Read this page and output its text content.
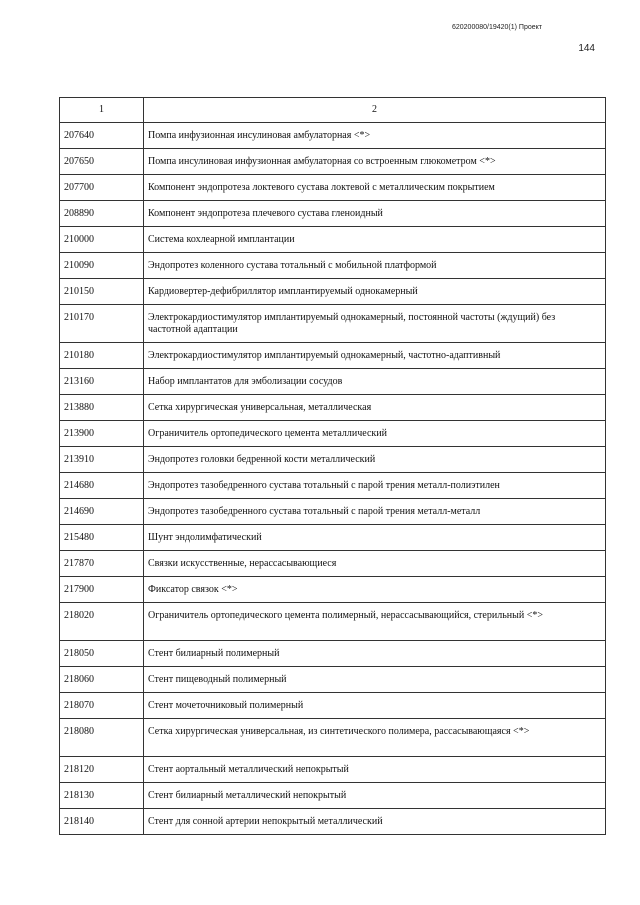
620200080/19420(1) Проект
144
1	2
207640	Помпа инфузионная инсулиновая амбулаторная <*>
207650	Помпа инсулиновая инфузионная амбулаторная со встроенным глюкометром <*>
207700	Компонент эндопротеза локтевого сустава локтевой с металлическим покрытием
208890	Компонент эндопротеза плечевого сустава гленоидный
210000	Система кохлеарной имплантации
210090	Эндопротез коленного сустава тотальный с мобильной платформой
210150	Кардиовертер-дефибриллятор имплантируемый однокамерный
210170	Электрокардиостимулятор имплантируемый однокамерный, постоянной частоты (ждущий) без частотной адаптации
210180	Электрокардиостимулятор имплантируемый однокамерный, частотно-адаптивный
213160	Набор имплантатов для эмболизации сосудов
213880	Сетка хирургическая универсальная, металлическая
213900	Ограничитель ортопедического цемента металлический
213910	Эндопротез головки бедренной кости металлический
214680	Эндопротез тазобедренного сустава тотальный с парой трения металл-полиэтилен
214690	Эндопротез тазобедренного сустава тотальный с парой трения металл-металл
215480	Шунт эндолимфатический
217870	Связки искусственные, нерассасывающиеся
217900	Фиксатор связок <*>
218020	Ограничитель ортопедического цемента полимерный, нерассасывающийся, стерильный <*>
218050	Стент билиарный полимерный
218060	Стент пищеводный полимерный
218070	Стент мочеточниковый полимерный
218080	Сетка хирургическая универсальная, из синтетического полимера, рассасывающаяся <*>
218120	Стент аортальный металлический непокрытый
218130	Стент билиарный металлический непокрытый
218140	Стент для сонной артерии непокрытый металлический
